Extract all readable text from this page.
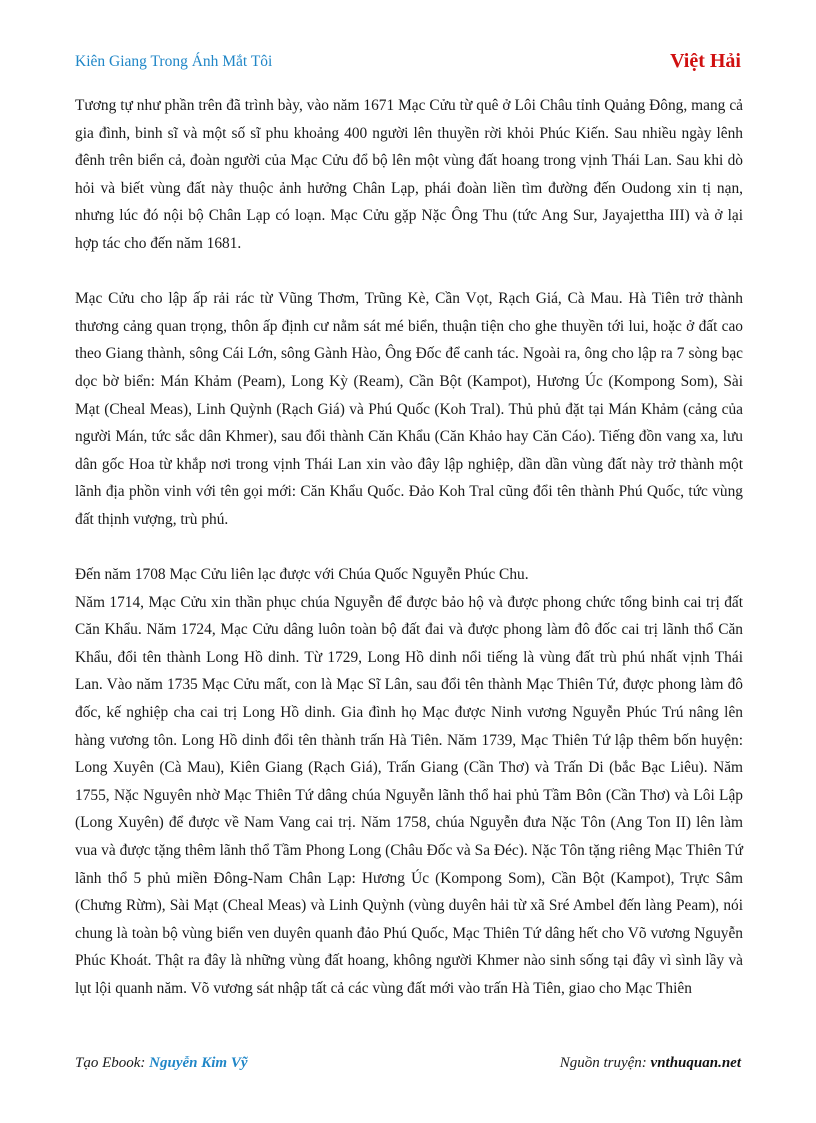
Kiên Giang Trong Ánh Mắt Tôi	Việt Hải

Tương tự như phần trên đã trình bày, vào năm 1671 Mạc Cửu từ quê ở Lôi Châu tỉnh Quảng Đông, mang cả gia đình, binh sĩ và một số sĩ phu khoảng 400 người lên thuyền rời khỏi Phúc Kiến. Sau nhiều ngày lênh đênh trên biển cả, đoàn người của Mạc Cửu đổ bộ lên một vùng đất hoang trong vịnh Thái Lan. Sau khi dò hỏi và biết vùng đất này thuộc ảnh hưởng Chân Lạp, phái đoàn liền tìm đường đến Oudong xin tị nạn, nhưng lúc đó nội bộ Chân Lạp có loạn. Mạc Cửu gặp Nặc Ông Thu (tức Ang Sur, Jayajettha III) và ở lại hợp tác cho đến năm 1681.

Mạc Cửu cho lập ấp rải rác từ Vũng Thơm, Trũng Kè, Cần Vọt, Rạch Giá, Cà Mau. Hà Tiên trở thành thương cảng quan trọng, thôn ấp định cư nằm sát mé biển, thuận tiện cho ghe thuyền tới lui, hoặc ở đất cao theo Giang thành, sông Cái Lớn, sông Gành Hào, Ông Đốc để canh tác. Ngoài ra, ông cho lập ra 7 sòng bạc dọc bờ biển: Mán Khảm (Peam), Long Kỳ (Ream), Cần Bột (Kampot), Hương Úc (Kompong Som), Sài Mạt (Cheal Meas), Linh Quỳnh (Rạch Giá) và Phú Quốc (Koh Tral). Thủ phủ đặt tại Mán Khảm (cảng của người Mán, tức sắc dân Khmer), sau đổi thành Căn Khẩu (Căn Khảo hay Căn Cáo). Tiếng đồn vang xa, lưu dân gốc Hoa từ khắp nơi trong vịnh Thái Lan xin vào đây lập nghiệp, dần dần vùng đất này trở thành một lãnh địa phồn vinh với tên gọi mới: Căn Khẩu Quốc. Đảo Koh Tral cũng đổi tên thành Phú Quốc, tức vùng đất thịnh vượng, trù phú.

Đến năm 1708 Mạc Cửu liên lạc được với Chúa Quốc Nguyễn Phúc Chu.

Năm 1714, Mạc Cửu xin thần phục chúa Nguyễn để được bảo hộ và được phong chức tổng binh cai trị đất Căn Khẩu. Năm 1724, Mạc Cửu dâng luôn toàn bộ đất đai và được phong làm đô đốc cai trị lãnh thổ Căn Khẩu, đổi tên thành Long Hồ dinh. Từ 1729, Long Hồ dinh nổi tiếng là vùng đất trù phú nhất vịnh Thái Lan. Vào năm 1735 Mạc Cửu mất, con là Mạc Sĩ Lân, sau đổi tên thành Mạc Thiên Tứ, được phong làm đô đốc, kế nghiệp cha cai trị Long Hồ dinh. Gia đình họ Mạc được Ninh vương Nguyễn Phúc Trú nâng lên hàng vương tôn. Long Hồ dinh đổi tên thành trấn Hà Tiên. Năm 1739, Mạc Thiên Tứ lập thêm bốn huyện: Long Xuyên (Cà Mau), Kiên Giang (Rạch Giá), Trấn Giang (Cần Thơ) và Trấn Di (bắc Bạc Liêu). Năm 1755, Nặc Nguyên nhờ Mạc Thiên Tứ dâng chúa Nguyễn lãnh thổ hai phủ Tầm Bôn (Cần Thơ) và Lôi Lập (Long Xuyên) để được về Nam Vang cai trị. Năm 1758, chúa Nguyễn đưa Nặc Tôn (Ang Ton II) lên làm vua và được tặng thêm lãnh thổ Tầm Phong Long (Châu Đốc và Sa Đéc). Nặc Tôn tặng riêng Mạc Thiên Tứ lãnh thổ 5 phủ miền Đông-Nam Chân Lạp: Hương Úc (Kompong Som), Cần Bột (Kampot), Trực Sâm (Chưng Rừm), Sài Mạt (Cheal Meas) và Linh Quỳnh (vùng duyên hải từ xã Sré Ambel đến làng Peam), nói chung là toàn bộ vùng biển ven duyên quanh đảo Phú Quốc, Mạc Thiên Tứ dâng hết cho Võ vương Nguyễn Phúc Khoát. Thật ra đây là những vùng đất hoang, không người Khmer nào sinh sống tại đây vì sình lầy và lụt lội quanh năm. Võ vương sát nhập tất cả các vùng đất mới vào trấn Hà Tiên, giao cho Mạc Thiên

Tạo Ebook: Nguyễn Kim Vỹ	Nguồn truyện: vnthuquan.net
